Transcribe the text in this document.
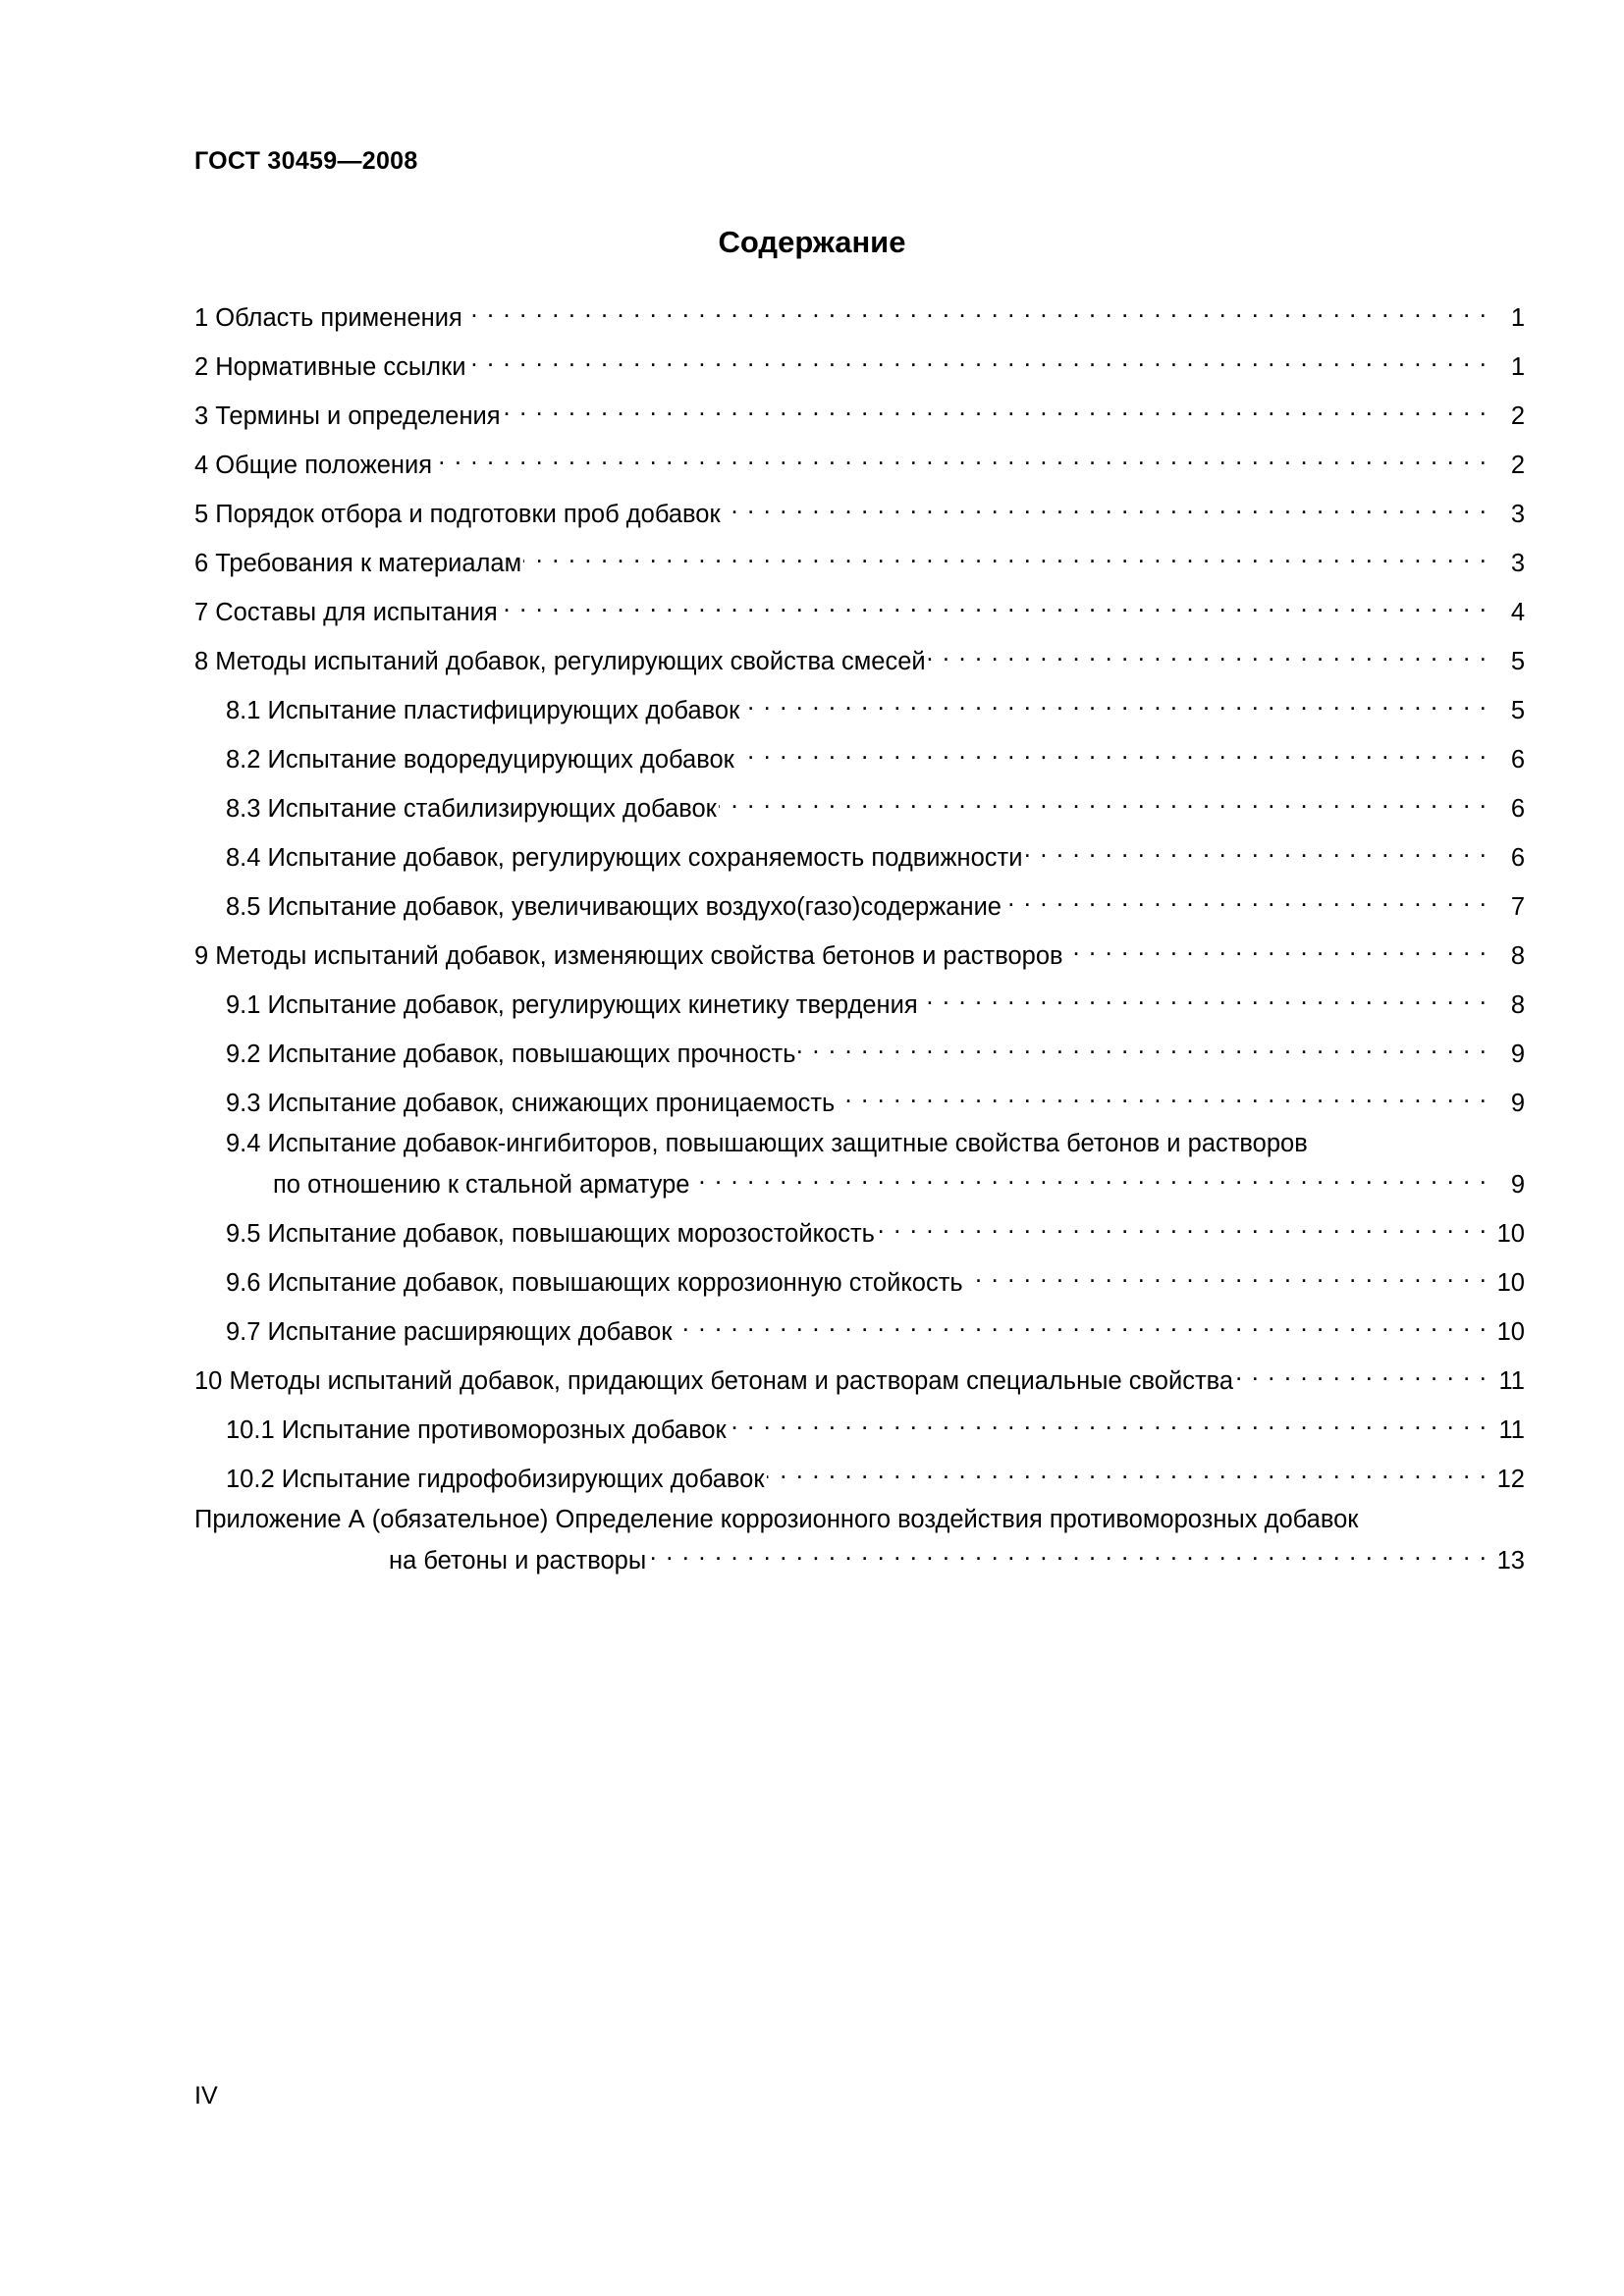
ГОСТ 30459—2008
Содержание
1 Область применения . . .	1
2 Нормативные ссылки . . .	1
3 Термины и определения . . .	2
4 Общие положения . . .	2
5 Порядок отбора и подготовки проб добавок . . .	3
6 Требования к материалам . . .	3
7 Составы для испытания . . .	4
8 Методы испытаний добавок, регулирующих свойства смесей . . .	5
8.1 Испытание пластифицирующих добавок . . .	5
8.2 Испытание водоредуцирующих добавок . . .	6
8.3 Испытание стабилизирующих добавок . . .	6
8.4 Испытание добавок, регулирующих сохраняемость подвижности . . .	6
8.5 Испытание добавок, увеличивающих воздухо(газо)содержание . . .	7
9 Методы испытаний добавок, изменяющих свойства бетонов и растворов . . .	8
9.1 Испытание добавок, регулирующих кинетику твердения . . .	8
9.2 Испытание добавок, повышающих прочность . . .	9
9.3 Испытание добавок, снижающих проницаемость . . .	9
9.4 Испытание добавок-ингибиторов, повышающих защитные свойства бетонов и растворов
по отношению к стальной арматуре . . .	9
9.5 Испытание добавок, повышающих морозостойкость . . .	10
9.6 Испытание добавок, повышающих коррозионную стойкость . . .	10
9.7 Испытание расширяющих добавок . . .	10
10 Методы испытаний добавок, придающих бетонам и растворам специальные свойства . . .	11
10.1 Испытание противоморозных добавок . . .	11
10.2 Испытание гидрофобизирующих добавок . . .	12
Приложение А (обязательное) Определение коррозионного воздействия противоморозных добавок
на бетоны и растворы . . .	13
IV
